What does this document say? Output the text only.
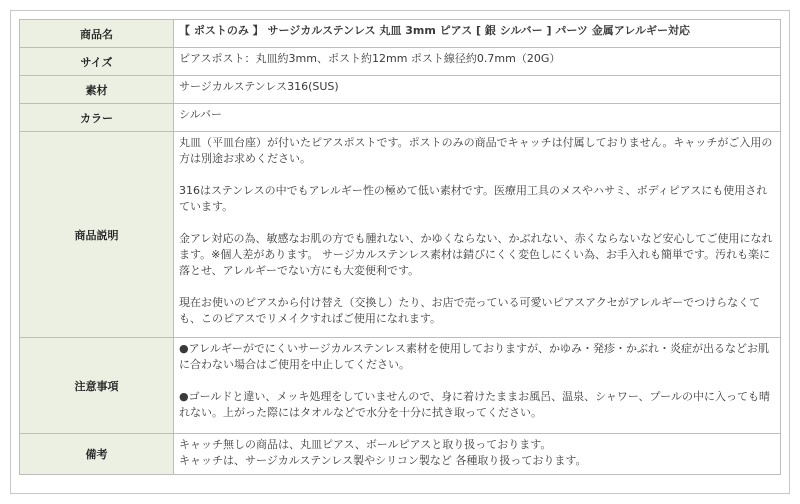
商品名	【 ポストのみ 】 サージカルステンレス 丸皿 3mm ピアス [ 銀 シルバー ] パーツ 金属アレルギー対応
サイズ	ピアスポスト：丸皿約3mm、ポスト約12mm ポスト線径約0.7mm（20G）
素材	サージカルステンレス316(SUS)
カラー	シルバー
商品説明	丸皿（平皿台座）が付いたピアスポストです。ポストのみの商品でキャッチは付属しておりません。キャッチがご入用の方は別途お求めください。

316はステンレスの中でもアレルギー性の極めて低い素材です。医療用工具のメスやハサミ、ボディピアスにも使用されています。

金アレ対応の為、敏感なお肌の方でも腫れない、かゆくならない、かぶれない、赤くならないなど安心してご使用になれます。※個人差があります。 サージカルステンレス素材は錆びにくく変色しにくい為、お手入れも簡単です。汚れも楽に落とせ、アレルギーでない方にも大変便利です。

現在お使いのピアスから付け替え（交換し）たり、お店で売っている可愛いピアスアクセがアレルギーでつけらなくても、このピアスでリメイクすればご使用になれます。

注意事項	●アレルギーがでにくいサージカルステンレス素材を使用しておりますが、かゆみ・発疹・かぶれ・炎症が出るなどお肌に合わない場合はご使用を中止してください。

●ゴールドと違い、メッキ処理をしていませんので、身に着けたままお風呂、温泉、シャワー、プールの中に入っても晴れない。上がった際にはタオルなどで水分を十分に拭き取ってください。

備考	キャッチ無しの商品は、丸皿ピアス、ボールピアスと取り扱っております。
キャッチは、サージカルステンレス製やシリコン製など 各種取り扱っております。
